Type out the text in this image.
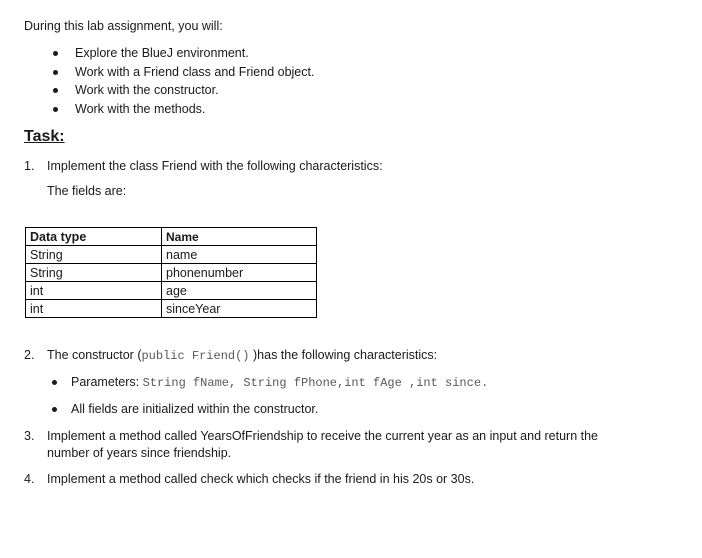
During this lab assignment, you will:
Explore the BlueJ environment.
Work with a Friend class and Friend object.
Work with the constructor.
Work with the methods.
Task:
1. Implement the class Friend with the following characteristics:
The fields are:
Data type	Name
String	name
String	phonenumber
int	age
int	sinceYear
2. The constructor (public Friend() )has the following characteristics:
Parameters: String fName, String fPhone,int fAge ,int since.
All fields are initialized within the constructor.
3. Implement a method called YearsOfFriendship to receive the current year as an input and return the
number of years since friendship.
4. Implement a method called check which checks if the friend in his 20s or 30s.
